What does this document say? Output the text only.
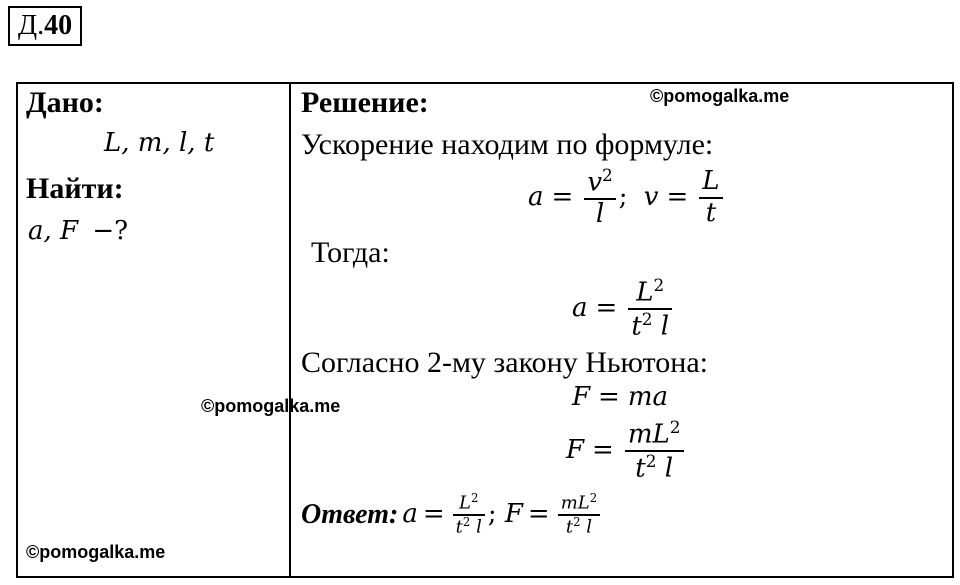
Д.40
Дано:
L, m, l, t
Найти:
a, F −?
©pomogalka.me
©pomogalka.me
Решение:	©pomogalka.me
Ускорение находим по формуле:
$a = \frac{v^2}{l}$ ; $v = \frac{L}{t}$
Тогда:
$a = \frac{L^2}{t^2 l}$
Согласно 2-му закону Ньютона:
F = ma
$F = \frac{mL^2}{t^2 l}$
Ответ: $a = \frac{L^2}{t^2 l}$ ; $F = \frac{mL^2}{t^2 l}$
